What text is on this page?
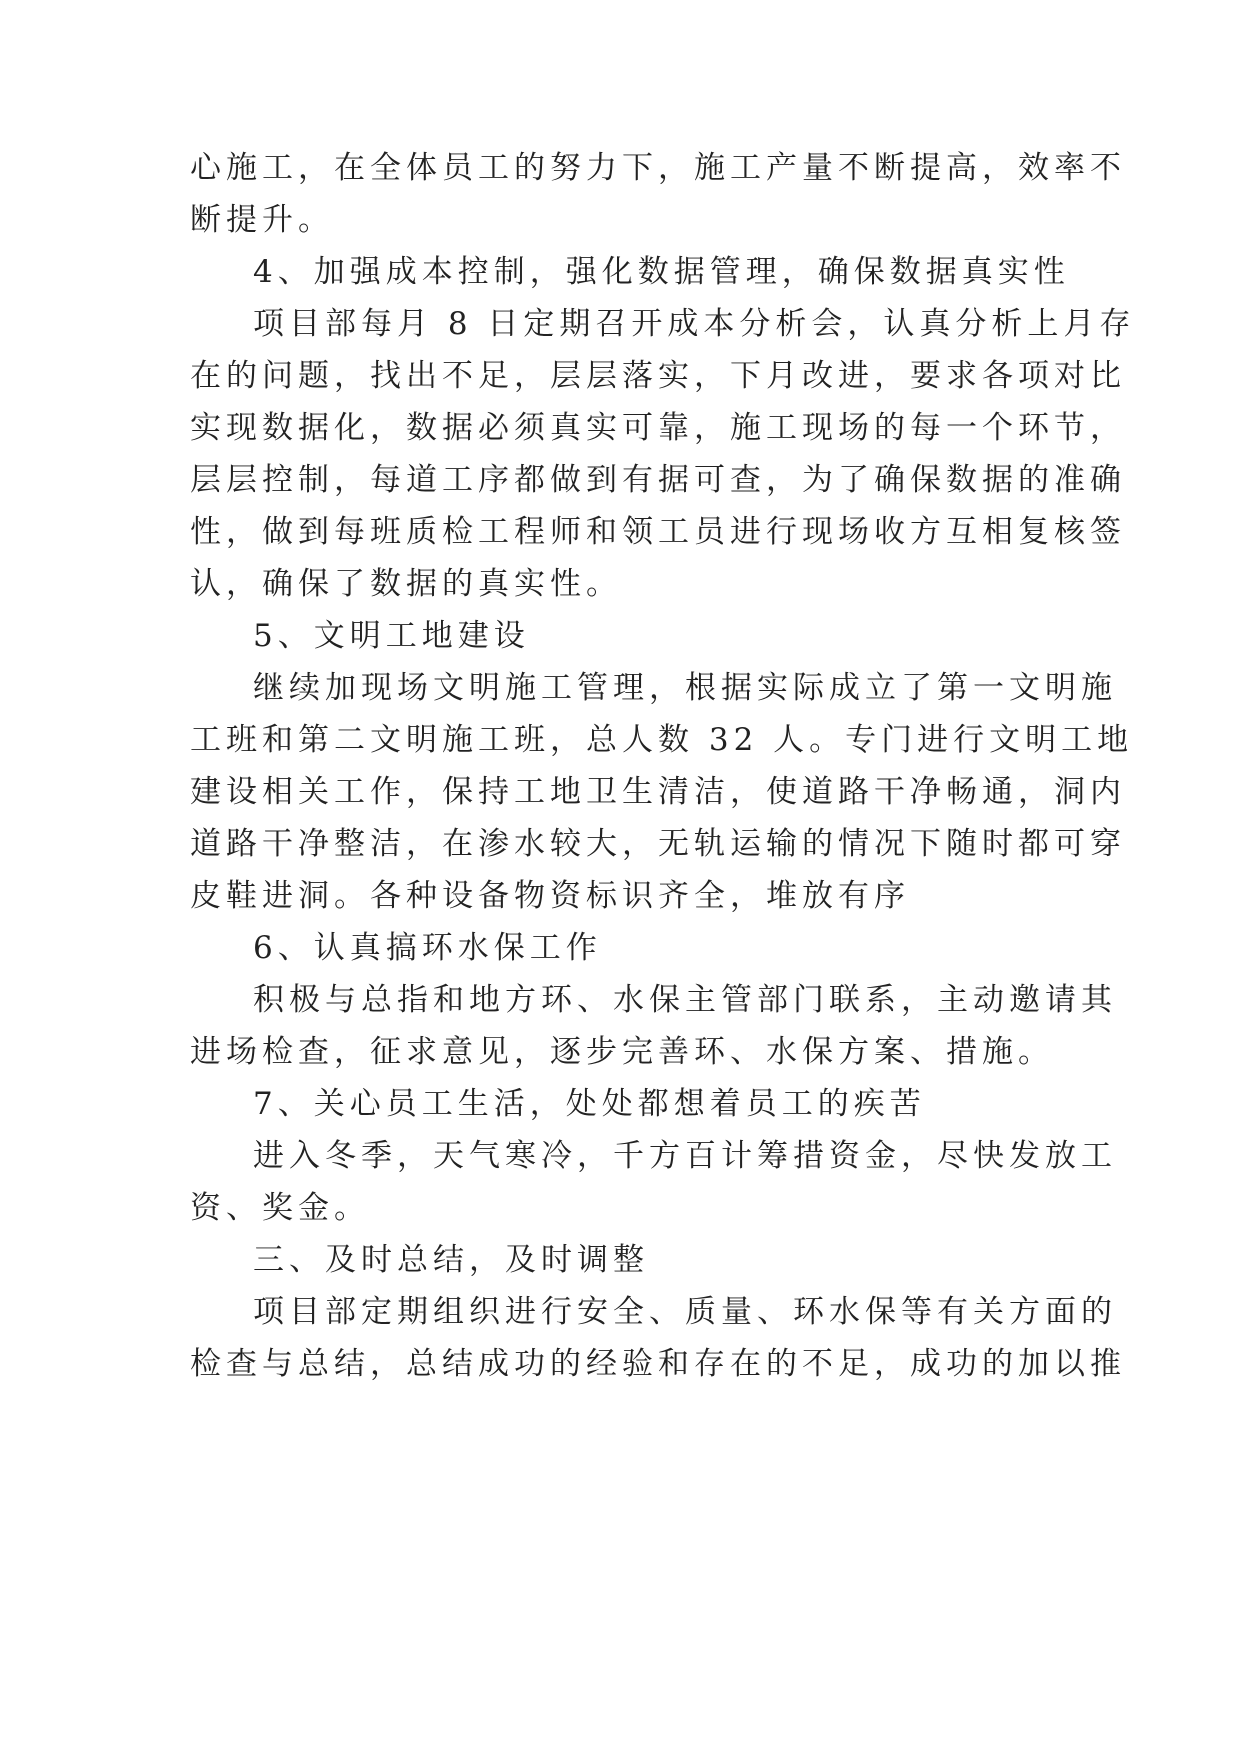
心施工，在全体员工的努力下，施工产量不断提高，效率不
断提升。
4、加强成本控制，强化数据管理，确保数据真实性
项目部每月 8 日定期召开成本分析会，认真分析上月存
在的问题，找出不足，层层落实，下月改进，要求各项对比
实现数据化，数据必须真实可靠，施工现场的每一个环节，
层层控制，每道工序都做到有据可查，为了确保数据的准确
性，做到每班质检工程师和领工员进行现场收方互相复核签
认，确保了数据的真实性。
5、文明工地建设
继续加现场文明施工管理，根据实际成立了第一文明施
工班和第二文明施工班，总人数 32 人。专门进行文明工地
建设相关工作，保持工地卫生清洁，使道路干净畅通，洞内
道路干净整洁，在渗水较大，无轨运输的情况下随时都可穿
皮鞋进洞。各种设备物资标识齐全，堆放有序
6、认真搞环水保工作
积极与总指和地方环、水保主管部门联系，主动邀请其
进场检查，征求意见，逐步完善环、水保方案、措施。
7、关心员工生活，处处都想着员工的疾苦
进入冬季，天气寒冷，千方百计筹措资金，尽快发放工
资、奖金。
三、及时总结，及时调整
项目部定期组织进行安全、质量、环水保等有关方面的
检查与总结，总结成功的经验和存在的不足，成功的加以推
